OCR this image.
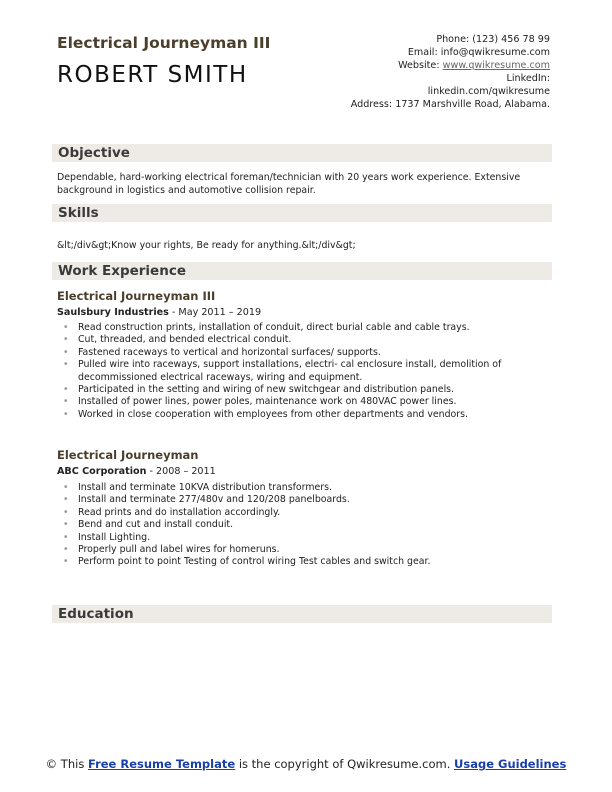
Electrical Journeyman III
ROBERT SMITH
Phone: (123) 456 78 99
Email: info@qwikresume.com
Website: www.qwikresume.com
LinkedIn:
linkedin.com/qwikresume
Address: 1737 Marshville Road, Alabama.
Objective
Dependable, hard-working electrical foreman/technician with 20 years work experience. Extensive background in logistics and automotive collision repair.
Skills
&lt;/div&gt;Know your rights, Be ready for anything.&lt;/div&gt;
Work Experience
Electrical Journeyman III
Saulsbury Industries - May 2011 – 2019
• Read construction prints, installation of conduit, direct burial cable and cable trays.
• Cut, threaded, and bended electrical conduit.
• Fastened raceways to vertical and horizontal surfaces/ supports.
• Pulled wire into raceways, support installations, electri- cal enclosure install, demolition of decommissioned electrical raceways, wiring and equipment.
• Participated in the setting and wiring of new switchgear and distribution panels.
• Installed of power lines, power poles, maintenance work on 480VAC power lines.
• Worked in close cooperation with employees from other departments and vendors.
Electrical Journeyman
ABC Corporation - 2008 – 2011
• Install and terminate 10KVA distribution transformers.
• Install and terminate 277/480v and 120/208 panelboards.
• Read prints and do installation accordingly.
• Bend and cut and install conduit.
• Install Lighting.
• Properly pull and label wires for homeruns.
• Perform point to point Testing of control wiring Test cables and switch gear.
Education
© This Free Resume Template is the copyright of Qwikresume.com. Usage Guidelines
